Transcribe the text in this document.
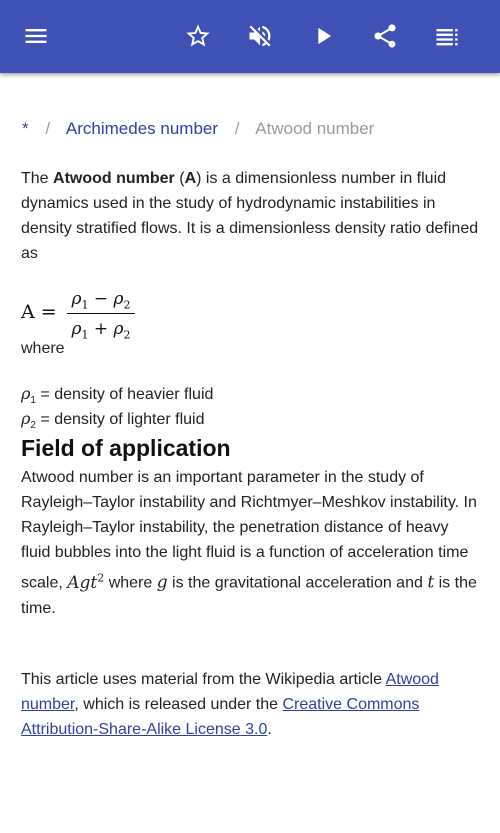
* / Archimedes number / Atwood number

The Atwood number (A) is a dimensionless number in fluid dynamics used in the study of hydrodynamic instabilities in density stratified flows. It is a dimensionless density ratio defined as

A =
$\rho_1 - \rho_2$
$\rho_1 + \rho_2$

where

$\rho_1$ = density of heavier fluid
$\rho_2$ = density of lighter fluid
Field of application

Atwood number is an important parameter in the study of Rayleigh–Taylor instability and Richtmyer–Meshkov instability. In Rayleigh–Taylor instability, the penetration distance of heavy fluid bubbles into the light fluid is a function of acceleration time scale, Agt$^2$ where g is the gravitational acceleration and t is the time.

This article uses material from the Wikipedia article Atwood number, which is released under the Creative Commons Attribution-Share-Alike License 3.0.
